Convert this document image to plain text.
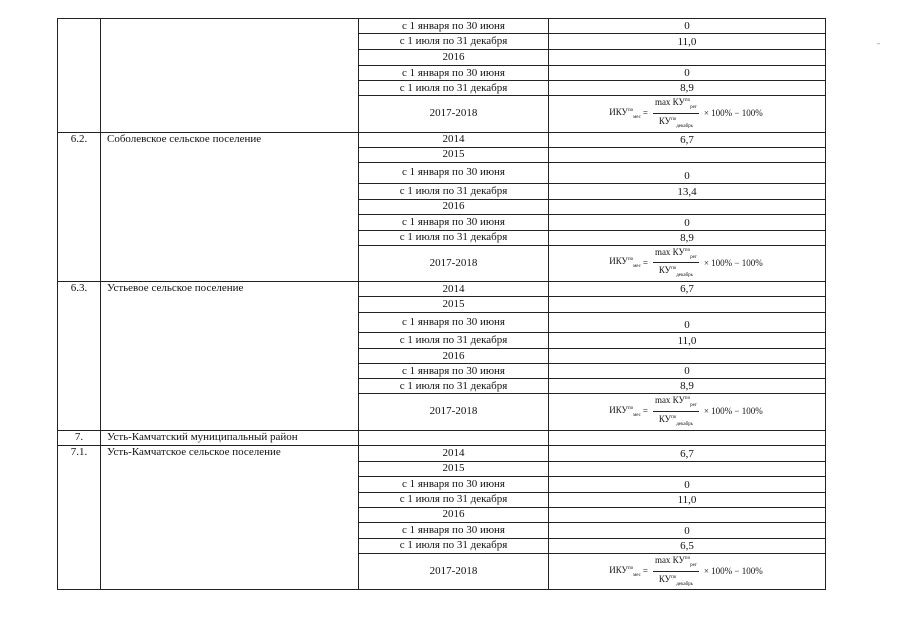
		с 1 января по 30 июня	0
		с 1 июля по 31 декабря	11,0
		2016	
		с 1 января по 30 июня	0
		с 1 июля по 31 декабря	8,9
		2017-2018	$ИКУ^{по}_{мес} = \frac{\max КУ^{по}_{рег}}{КУ^{по}_{декабрь}} \times 100\% - 100\%$

6.2.	Соболевское сельское поселение	2014	6,7
		2015	
		с 1 января по 30 июня	0
		с 1 июля по 31 декабря	13,4
		2016	
		с 1 января по 30 июня	0
		с 1 июля по 31 декабря	8,9
		2017-2018	$ИКУ^{по}_{мес} = \frac{\max КУ^{по}_{рег}}{КУ^{по}_{декабрь}} \times 100\% - 100\%$

6.3.	Устьевое сельское поселение	2014	6,7
		2015	
		с 1 января по 30 июня	0
		с 1 июля по 31 декабря	11,0
		2016	
		с 1 января по 30 июня	0
		с 1 июля по 31 декабря	8,9
		2017-2018	$ИКУ^{по}_{мес} = \frac{\max КУ^{по}_{рег}}{КУ^{по}_{декабрь}} \times 100\% - 100\%$

7.	Усть-Камчатский муниципальный район		
7.1.	Усть-Камчатское сельское поселение	2014	6,7
		2015	
		с 1 января по 30 июня	0
		с 1 июля по 31 декабря	11,0
		2016	
		с 1 января по 30 июня	0
		с 1 июля по 31 декабря	6,5
		2017-2018	$ИКУ^{по}_{мес} = \frac{\max КУ^{по}_{рег}}{КУ^{по}_{декабрь}} \times 100\% - 100\%$
-
